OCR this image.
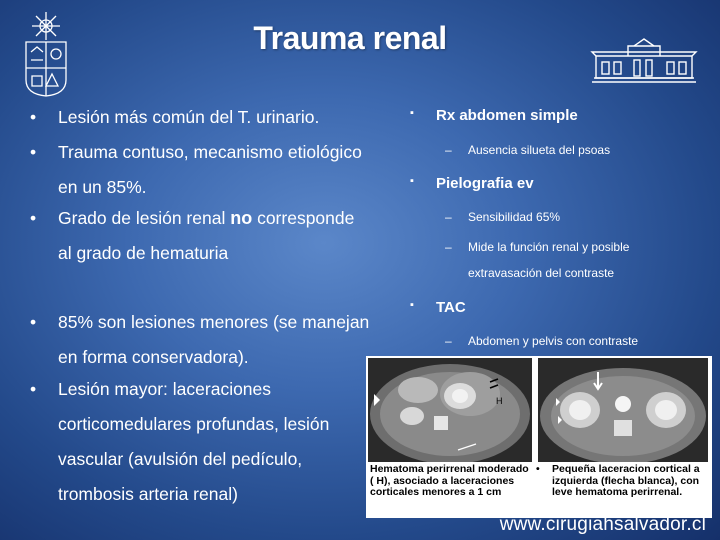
Trauma renal
•	Lesión más común del T. urinario.
•	Trauma contuso, mecanismo etiológico en un 85%.
•	Grado de lesión renal no corresponde al grado de hematuria
•	85% son lesiones menores (se manejan en forma conservadora).
•	Lesión mayor: laceraciones corticomedulares profundas, lesión vascular (avulsión del pedículo, trombosis arteria renal)
▪ Rx abdomen simple
– Ausencia silueta del psoas
▪ Pielografia ev
– Sensibilidad 65%
– Mide la función renal y posible extravasación del contraste
▪ TAC
– Abdomen y pelvis con contraste
H
Hematoma perirrenal moderado ( H), asociado a laceraciones corticales menores a 1 cm
•	Pequeña laceracion cortical a izquierda (flecha blanca), con leve hematoma perirrenal.
www.cirugiahsalvador.cl
